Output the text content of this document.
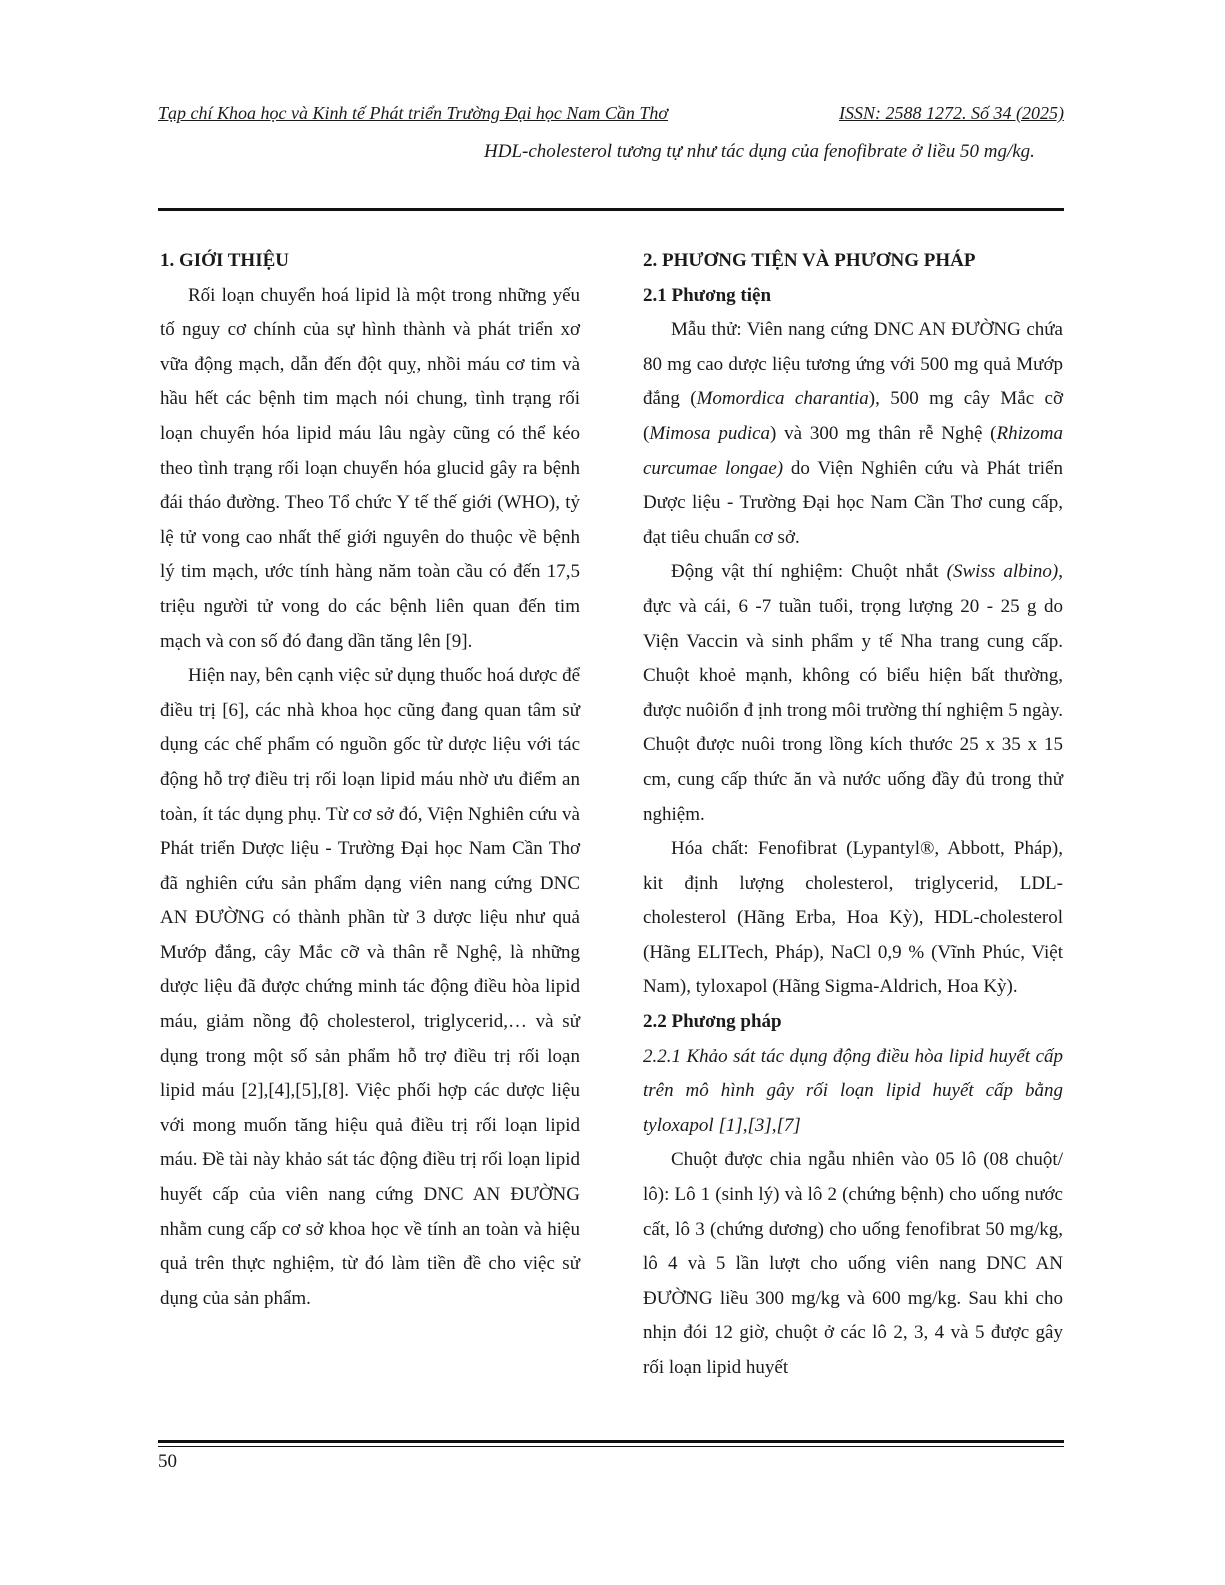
Tạp chí Khoa học và Kinh tế Phát triển Trường Đại học Nam Cần Thơ	ISSN: 2588 1272. Số 34 (2025)

HDL-cholesterol tương tự như tác dụng của fenofibrate ở liều 50 mg/kg.

1. GIỚI THIỆU

Rối loạn chuyển hoá lipid là một trong những yếu tố nguy cơ chính của sự hình thành và phát triển xơ vữa động mạch, dẫn đến đột quỵ, nhồi máu cơ tim và hầu hết các bệnh tim mạch nói chung, tình trạng rối loạn chuyển hóa lipid máu lâu ngày cũng có thể kéo theo tình trạng rối loạn chuyển hóa glucid gây ra bệnh đái tháo đường. Theo Tổ chức Y tế thế giới (WHO), tỷ lệ tử vong cao nhất thế giới nguyên do thuộc về bệnh lý tim mạch, ước tính hàng năm toàn cầu có đến 17,5 triệu người tử vong do các bệnh liên quan đến tim mạch và con số đó đang dần tăng lên [9].

Hiện nay, bên cạnh việc sử dụng thuốc hoá dược để điều trị [6], các nhà khoa học cũng đang quan tâm sử dụng các chế phẩm có nguồn gốc từ dược liệu với tác động hỗ trợ điều trị rối loạn lipid máu nhờ ưu điểm an toàn, ít tác dụng phụ. Từ cơ sở đó, Viện Nghiên cứu và Phát triển Dược liệu - Trường Đại học Nam Cần Thơ đã nghiên cứu sản phẩm dạng viên nang cứng DNC AN ĐƯỜNG có thành phần từ 3 dược liệu như quả Mướp đắng, cây Mắc cỡ và thân rễ Nghệ, là những dược liệu đã được chứng minh tác động điều hòa lipid máu, giảm nồng độ cholesterol, triglycerid,… và sử dụng trong một số sản phẩm hỗ trợ điều trị rối loạn lipid máu [2],[4],[5],[8]. Việc phối hợp các dược liệu với mong muốn tăng hiệu quả điều trị rối loạn lipid máu. Đề tài này khảo sát tác động điều trị rối loạn lipid huyết cấp của viên nang cứng DNC AN ĐƯỜNG nhằm cung cấp cơ sở khoa học về tính an toàn và hiệu quả trên thực nghiệm, từ đó làm tiền đề cho việc sử dụng của sản phẩm.

2. PHƯƠNG TIỆN VÀ PHƯƠNG PHÁP

2.1 Phương tiện

Mẫu thử: Viên nang cứng DNC AN ĐƯỜNG chứa 80 mg cao dược liệu tương ứng với 500 mg quả Mướp đắng (Momordica charantia), 500 mg cây Mắc cỡ (Mimosa pudica) và 300 mg thân rễ Nghệ (Rhizoma curcumae longae) do Viện Nghiên cứu và Phát triển Dược liệu - Trường Đại học Nam Cần Thơ cung cấp, đạt tiêu chuẩn cơ sở.

Động vật thí nghiệm: Chuột nhắt (Swiss albino), đực và cái, 6 -7 tuần tuổi, trọng lượng 20 - 25 g do Viện Vaccin và sinh phẩm y tế Nha trang cung cấp. Chuột khoẻ mạnh, không có biểu hiện bất thường, được nuôiổn đ ịnh trong môi trường thí nghiệm 5 ngày. Chuột được nuôi trong lồng kích thước 25 x 35 x 15 cm, cung cấp thức ăn và nước uống đầy đủ trong thử nghiệm.

Hóa chất: Fenofibrat (Lypantyl®, Abbott, Pháp), kit định lượng cholesterol, triglycerid, LDL-cholesterol (Hãng Erba, Hoa Kỳ), HDL-cholesterol (Hãng ELITech, Pháp), NaCl 0,9 % (Vĩnh Phúc, Việt Nam), tyloxapol (Hãng Sigma-Aldrich, Hoa Kỳ).

2.2 Phương pháp

2.2.1 Khảo sát tác dụng động điều hòa lipid huyết cấp trên mô hình gây rối loạn lipid huyết cấp bằng tyloxapol [1],[3],[7]

Chuột được chia ngẫu nhiên vào 05 lô (08 chuột/ lô): Lô 1 (sinh lý) và lô 2 (chứng bệnh) cho uống nước cất, lô 3 (chứng dương) cho uống fenofibrat 50 mg/kg, lô 4 và 5 lần lượt cho uống viên nang DNC AN ĐƯỜNG liều 300 mg/kg và 600 mg/kg. Sau khi cho nhịn đói 12 giờ, chuột ở các lô 2, 3, 4 và 5 được gây rối loạn lipid huyết

50
